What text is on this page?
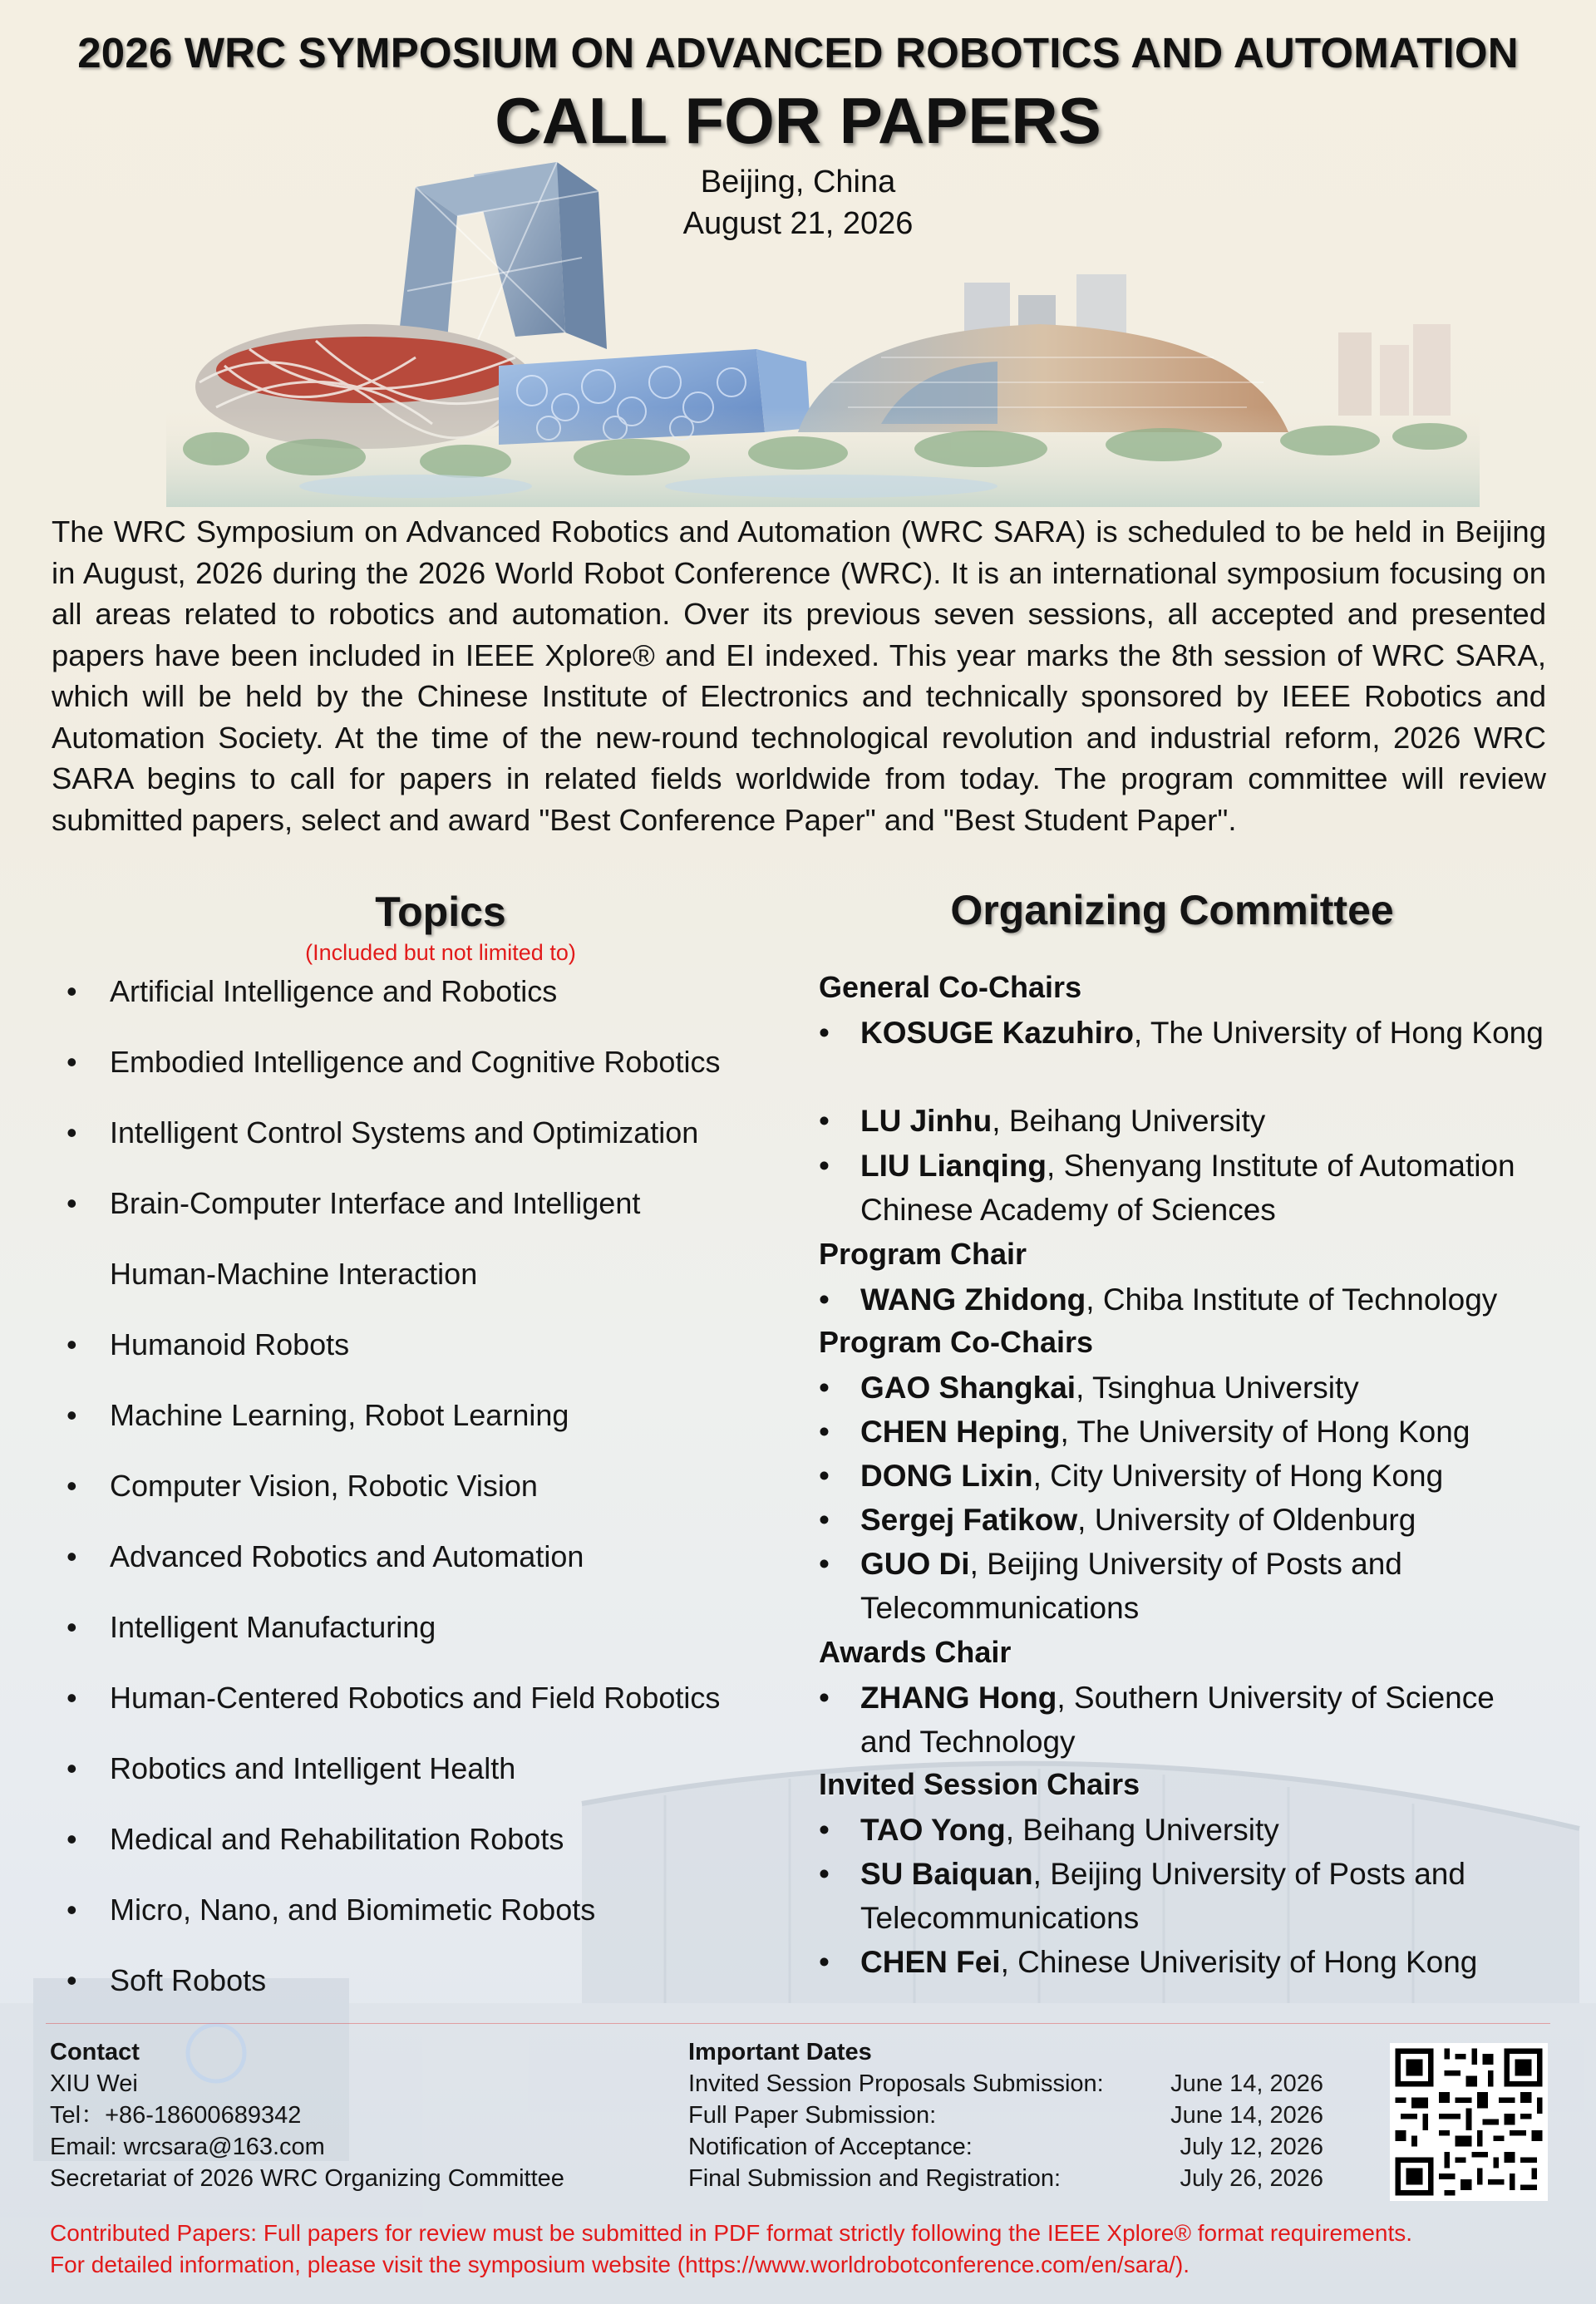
2026 WRC SYMPOSIUM ON ADVANCED ROBOTICS AND AUTOMATION
CALL FOR PAPERS
Beijing, China
August 21, 2026
The WRC Symposium on Advanced Robotics and Automation (WRC SARA) is scheduled to be held in Beijing in August, 2026 during the 2026 World Robot Conference (WRC). It is an international symposium focusing on all areas related to robotics and automation. Over its previous seven sessions, all accepted and presented papers have been included in IEEE Xplore® and EI indexed. This year marks the 8th session of WRC SARA, which will be held by the Chinese Institute of Electronics and technically sponsored by IEEE Robotics and Automation Society. At the time of the new-round technological revolution and industrial reform, 2026 WRC SARA begins to call for papers in related fields worldwide from today. The program committee will review submitted papers, select and award "Best Conference Paper" and "Best Student Paper".
Topics
(Included but not limited to)
• Artificial Intelligence and Robotics
• Embodied Intelligence and Cognitive Robotics
• Intelligent Control Systems and Optimization
• Brain-Computer Interface and Intelligent
Human-Machine Interaction
• Humanoid Robots
• Machine Learning, Robot Learning
• Computer Vision, Robotic Vision
• Advanced Robotics and Automation
• Intelligent Manufacturing
• Human-Centered Robotics and Field Robotics
• Robotics and Intelligent Health
• Medical and Rehabilitation Robots
• Micro, Nano, and Biomimetic Robots
• Soft Robots
Organizing Committee
General Co-Chairs
• KOSUGE Kazuhiro, The University of Hong Kong
• LU Jinhu, Beihang University
• LIU Lianqing, Shenyang Institute of Automation Chinese Academy of Sciences
Program Chair
• WANG Zhidong, Chiba Institute of Technology
Program Co-Chairs
• GAO Shangkai, Tsinghua University
• CHEN Heping, The University of Hong Kong
• DONG Lixin, City University of Hong Kong
• Sergej Fatikow, University of Oldenburg
• GUO Di, Beijing University of Posts and Telecommunications
Awards Chair
• ZHANG Hong, Southern University of Science and Technology
Invited Session Chairs
• TAO Yong, Beihang University
• SU Baiquan, Beijing University of Posts and Telecommunications
• CHEN Fei, Chinese Univerisity of Hong Kong
Contact
XIU Wei
Tel：+86-18600689342
Email: wrcsara@163.com
Secretariat of 2026 WRC Organizing Committee
Important Dates
Invited Session Proposals Submission:
Full Paper Submission:
Notification of Acceptance:
Final Submission and Registration:
June 14, 2026
June 14, 2026
July 12, 2026
July 26, 2026
Contributed Papers: Full papers for review must be submitted in PDF format strictly following the IEEE Xplore® format requirements.
For detailed information, please visit the symposium website (https://www.worldrobotconference.com/en/sara/).
